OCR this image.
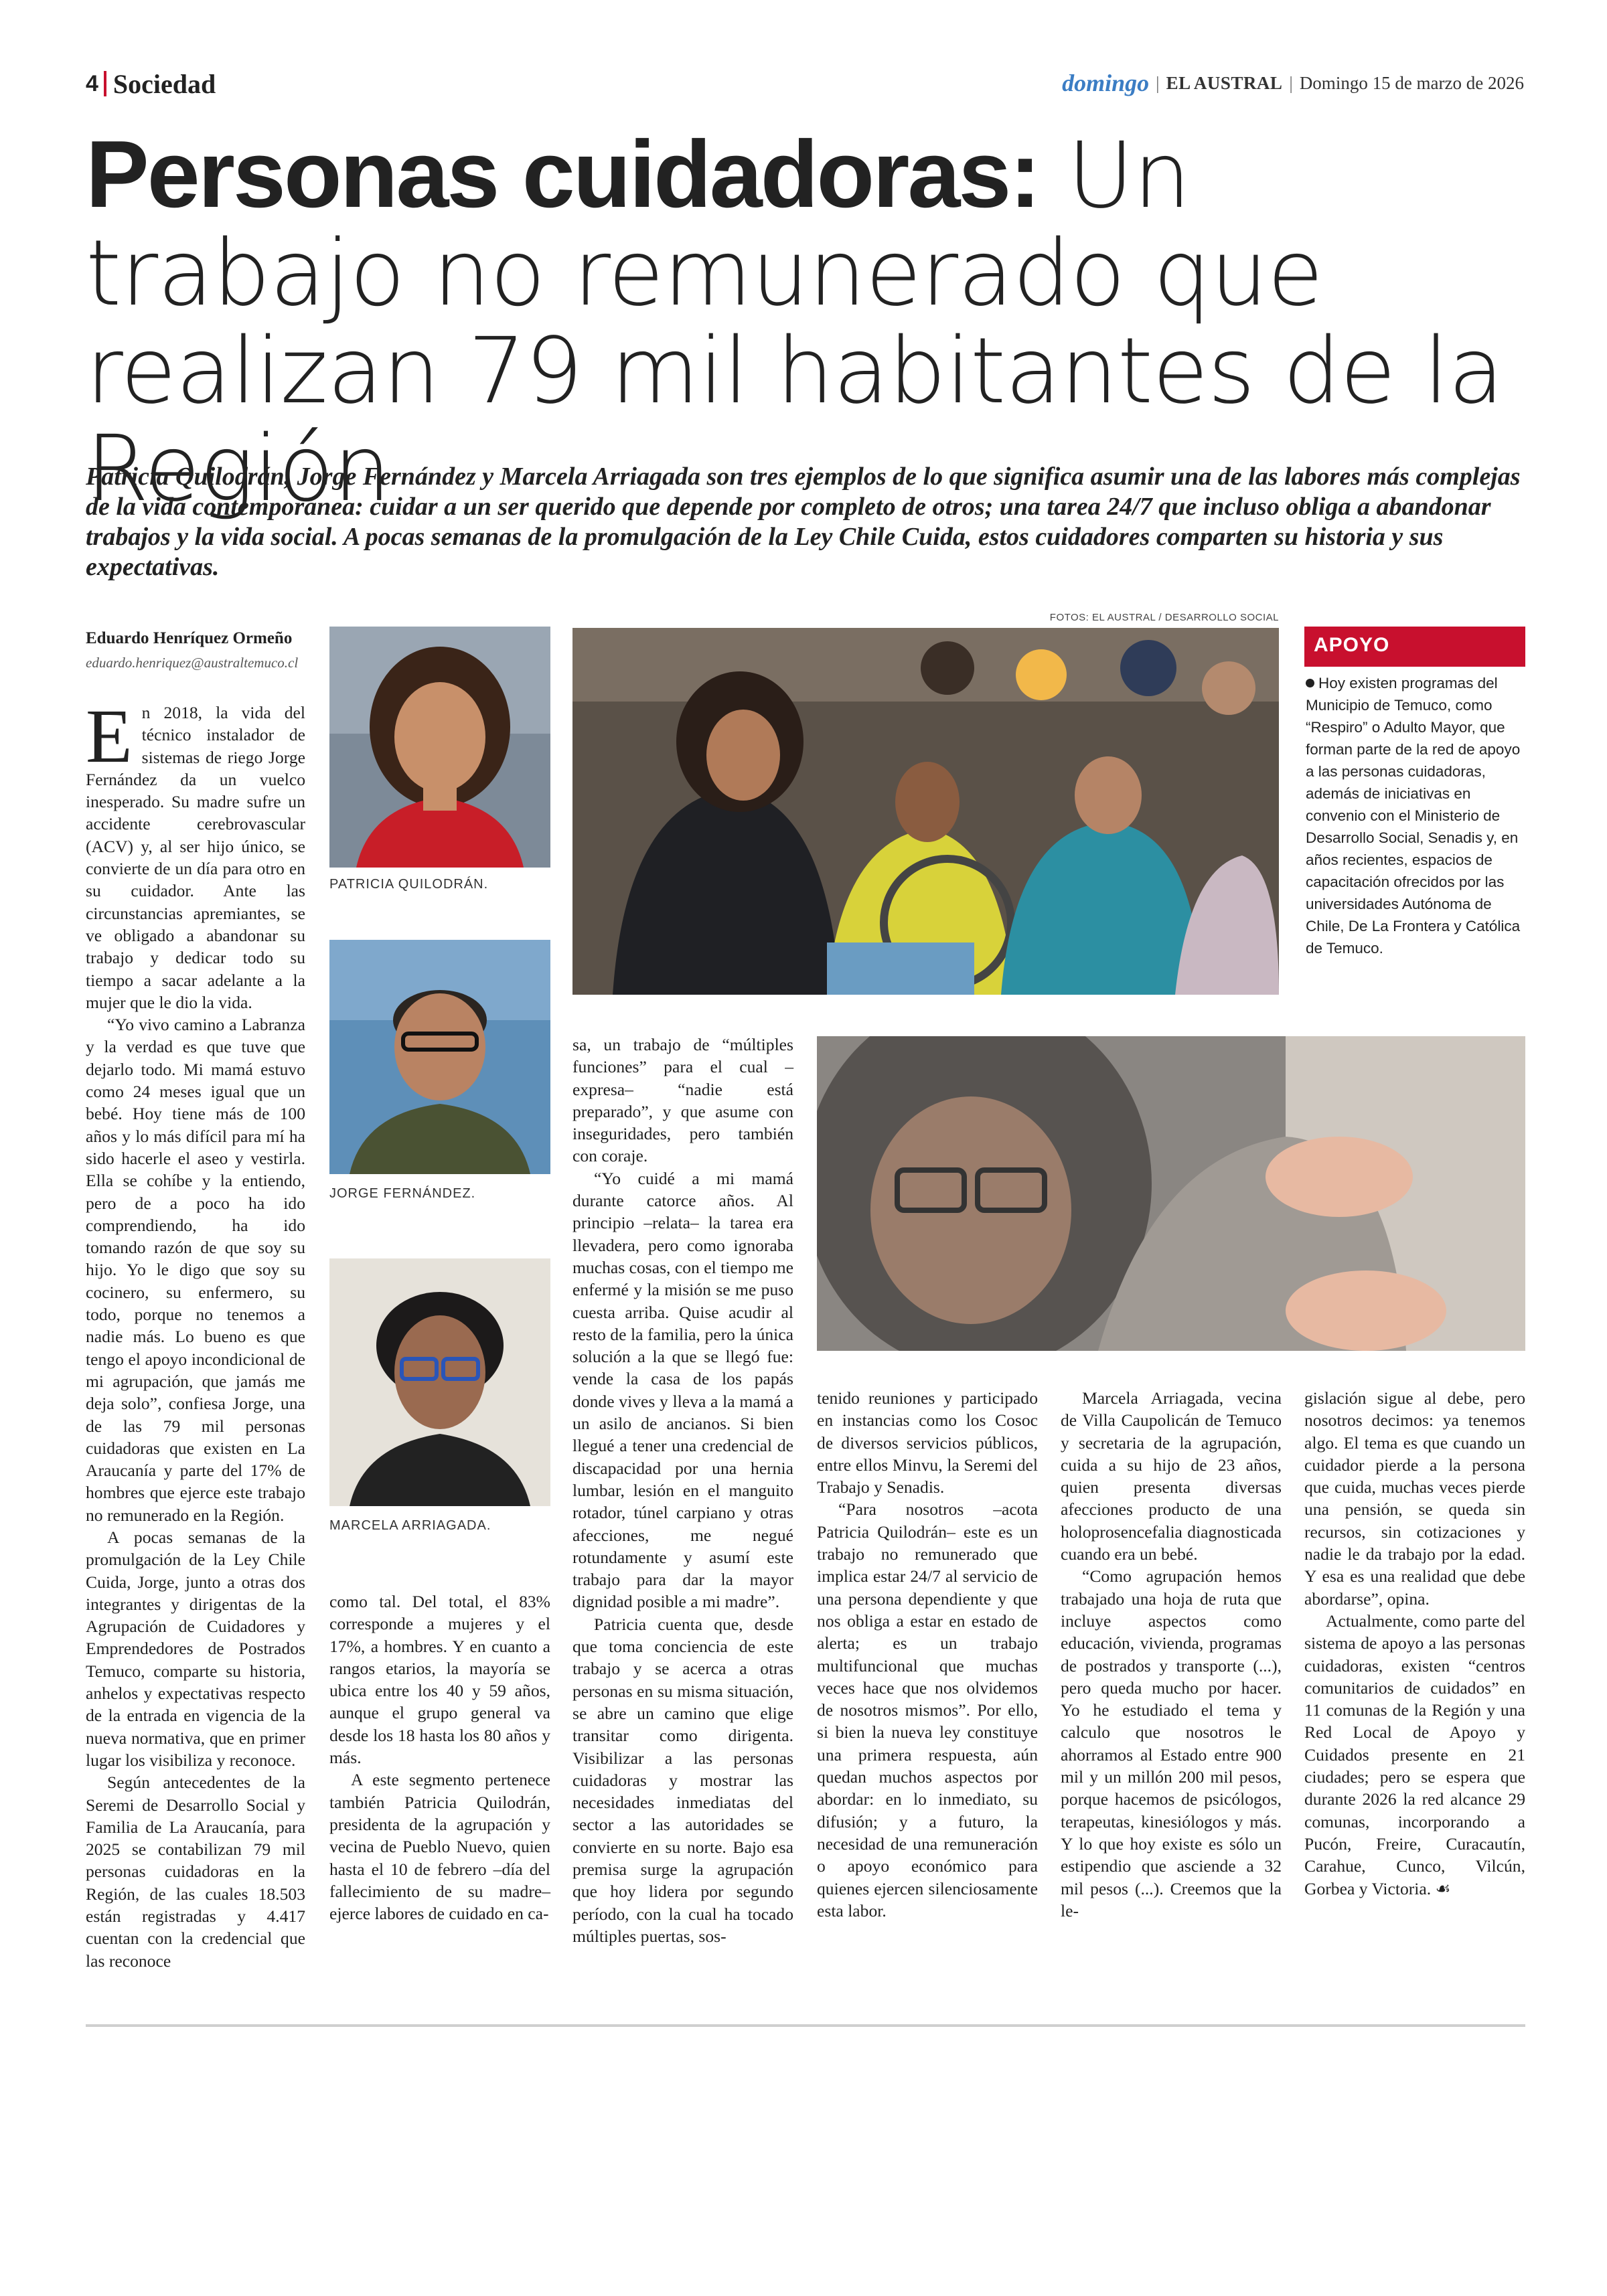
4 Sociedad	domingo | EL AUSTRAL | Domingo 15 de marzo de 2026
Personas cuidadoras: Un trabajo no remunerado que realizan 79 mil habitantes de la Región
Patricia Quilodrán, Jorge Fernández y Marcela Arriagada son tres ejemplos de lo que significa asumir una de las labores más complejas de la vida contemporánea: cuidar a un ser querido que depende por completo de otros; una tarea 24/7 que incluso obliga a abandonar trabajos y la vida social. A pocas semanas de la promulgación de la Ley Chile Cuida, estos cuidadores comparten su historia y sus expectativas.
Eduardo Henríquez Ormeño
eduardo.henriquez@australtemuco.cl
E n 2018, la vida del técnico instalador de sistemas de riego Jorge Fernández da un vuelco inesperado. Su madre sufre un accidente cerebrovascular (ACV) y, al ser hijo único, se convierte de un día para otro en su cuidador. Ante las circunstancias apremiantes, se ve obligado a abandonar su trabajo y dedicar todo su tiempo a sacar adelante a la mujer que le dio la vida.

“Yo vivo camino a Labranza y la verdad es que tuve que dejarlo todo. Mi mamá estuvo como 24 meses igual que un bebé. Hoy tiene más de 100 años y lo más difícil para mí ha sido hacerle el aseo y vestirla. Ella se cohíbe y la entiendo, pero de a poco ha ido comprendiendo, ha ido tomando razón de que soy su hijo. Yo le digo que soy su cocinero, su enfermero, su todo, porque no tenemos a nadie más. Lo bueno es que tengo el apoyo incondicional de mi agrupación, que jamás me deja solo”, confiesa Jorge, una de las 79 mil personas cuidadoras que existen en La Araucanía y parte del 17% de hombres que ejerce este trabajo no remunerado en la Región.

A pocas semanas de la promulgación de la Ley Chile Cuida, Jorge, junto a otras dos integrantes y dirigentas de la Agrupación de Cuidadores y Emprendedores de Postrados Temuco, comparte su historia, anhelos y expectativas respecto de la entrada en vigencia de la nueva normativa, que en primer lugar los visibiliza y reconoce.

Según antecedentes de la Seremi de Desarrollo Social y Familia de La Araucanía, para 2025 se contabilizan 79 mil personas cuidadoras en la Región, de las cuales 18.503 están registradas y 4.417 cuentan con la credencial que las reconoce

PATRICIA QUILODRÁN.
JORGE FERNÁNDEZ.
MARCELA ARRIAGADA.
FOTOS: EL AUSTRAL / DESARROLLO SOCIAL
APOYO
Hoy existen programas del Municipio de Temuco, como “Respiro” o Adulto Mayor, que forman parte de la red de apoyo a las personas cuidadoras, además de iniciativas en convenio con el Ministerio de Desarrollo Social, Senadis y, en años recientes, espacios de capacitación ofrecidos por las universidades Autónoma de Chile, De La Frontera y Católica de Temuco.

como tal. Del total, el 83% corresponde a mujeres y el 17%, a hombres. Y en cuanto a rangos etarios, la mayoría se ubica entre los 40 y 59 años, aunque el grupo general va desde los 18 hasta los 80 años y más.

A este segmento pertenece también Patricia Quilodrán, presidenta de la agrupación y vecina de Pueblo Nuevo, quien hasta el 10 de febrero –día del fallecimiento de su madre– ejerce labores de cuidado en ca-

sa, un trabajo de “múltiples funciones” para el cual –expresa– “nadie está preparado”, y que asume con inseguridades, pero también con coraje.

“Yo cuidé a mi mamá durante catorce años. Al principio –relata– la tarea era llevadera, pero como ignoraba muchas cosas, con el tiempo me enfermé y la misión se me puso cuesta arriba. Quise acudir al resto de la familia, pero la única solución a la que se llegó fue: vende la casa de los papás donde vives y lleva a la mamá a un asilo de ancianos. Si bien llegué a tener una credencial de discapacidad por una hernia lumbar, lesión en el manguito rotador, túnel carpiano y otras afecciones, me negué rotundamente y asumí este trabajo para dar la mayor dignidad posible a mi madre”.

Patricia cuenta que, desde que toma conciencia de este trabajo y se acerca a otras personas en su misma situación, se abre un camino que elige transitar como dirigenta. Visibilizar a las personas cuidadoras y mostrar las necesidades inmediatas del sector a las autoridades se convierte en su norte. Bajo esa premisa surge la agrupación que hoy lidera por segundo período, con la cual ha tocado múltiples puertas, sos-

tenido reuniones y participado en instancias como los Cosoc de diversos servicios públicos, entre ellos Minvu, la Seremi del Trabajo y Senadis.

“Para nosotros –acota Patricia Quilodrán– este es un trabajo no remunerado que implica estar 24/7 al servicio de una persona dependiente y que nos obliga a estar en estado de alerta; es un trabajo multifuncional que muchas veces hace que nos olvidemos de nosotros mismos”. Por ello, si bien la nueva ley constituye una primera respuesta, aún quedan muchos aspectos por abordar: en lo inmediato, su difusión; y a futuro, la necesidad de una remuneración o apoyo económico para quienes ejercen silenciosamente esta labor.

Marcela Arriagada, vecina de Villa Caupolicán de Temuco y secretaria de la agrupación, cuida a su hijo de 23 años, quien presenta diversas afecciones producto de una holoprosencefalia diagnosticada cuando era un bebé.

“Como agrupación hemos trabajado una hoja de ruta que incluye aspectos como educación, vivienda, programas de postrados y transporte (...), pero queda mucho por hacer. Yo he estudiado el tema y calculo que nosotros le ahorramos al Estado entre 900 mil y un millón 200 mil pesos, porque hacemos de psicólogos, terapeutas, kinesiólogos y más. Y lo que hoy existe es sólo un estipendio que asciende a 32 mil pesos (...). Creemos que la le-

gislación sigue al debe, pero nosotros decimos: ya tenemos algo. El tema es que cuando un cuidador pierde a la persona que cuida, muchas veces pierde una pensión, se queda sin recursos, sin cotizaciones y nadie le da trabajo por la edad. Y esa es una realidad que debe abordarse”, opina.

Actualmente, como parte del sistema de apoyo a las personas cuidadoras, existen “centros comunitarios de cuidados” en 11 comunas de la Región y una Red Local de Apoyo y Cuidados presente en 21 ciudades; pero se espera que durante 2026 la red alcance 29 comunas, incorporando a Pucón, Freire, Curacautín, Carahue, Cunco, Vilcún, Gorbea y Victoria. ☙
